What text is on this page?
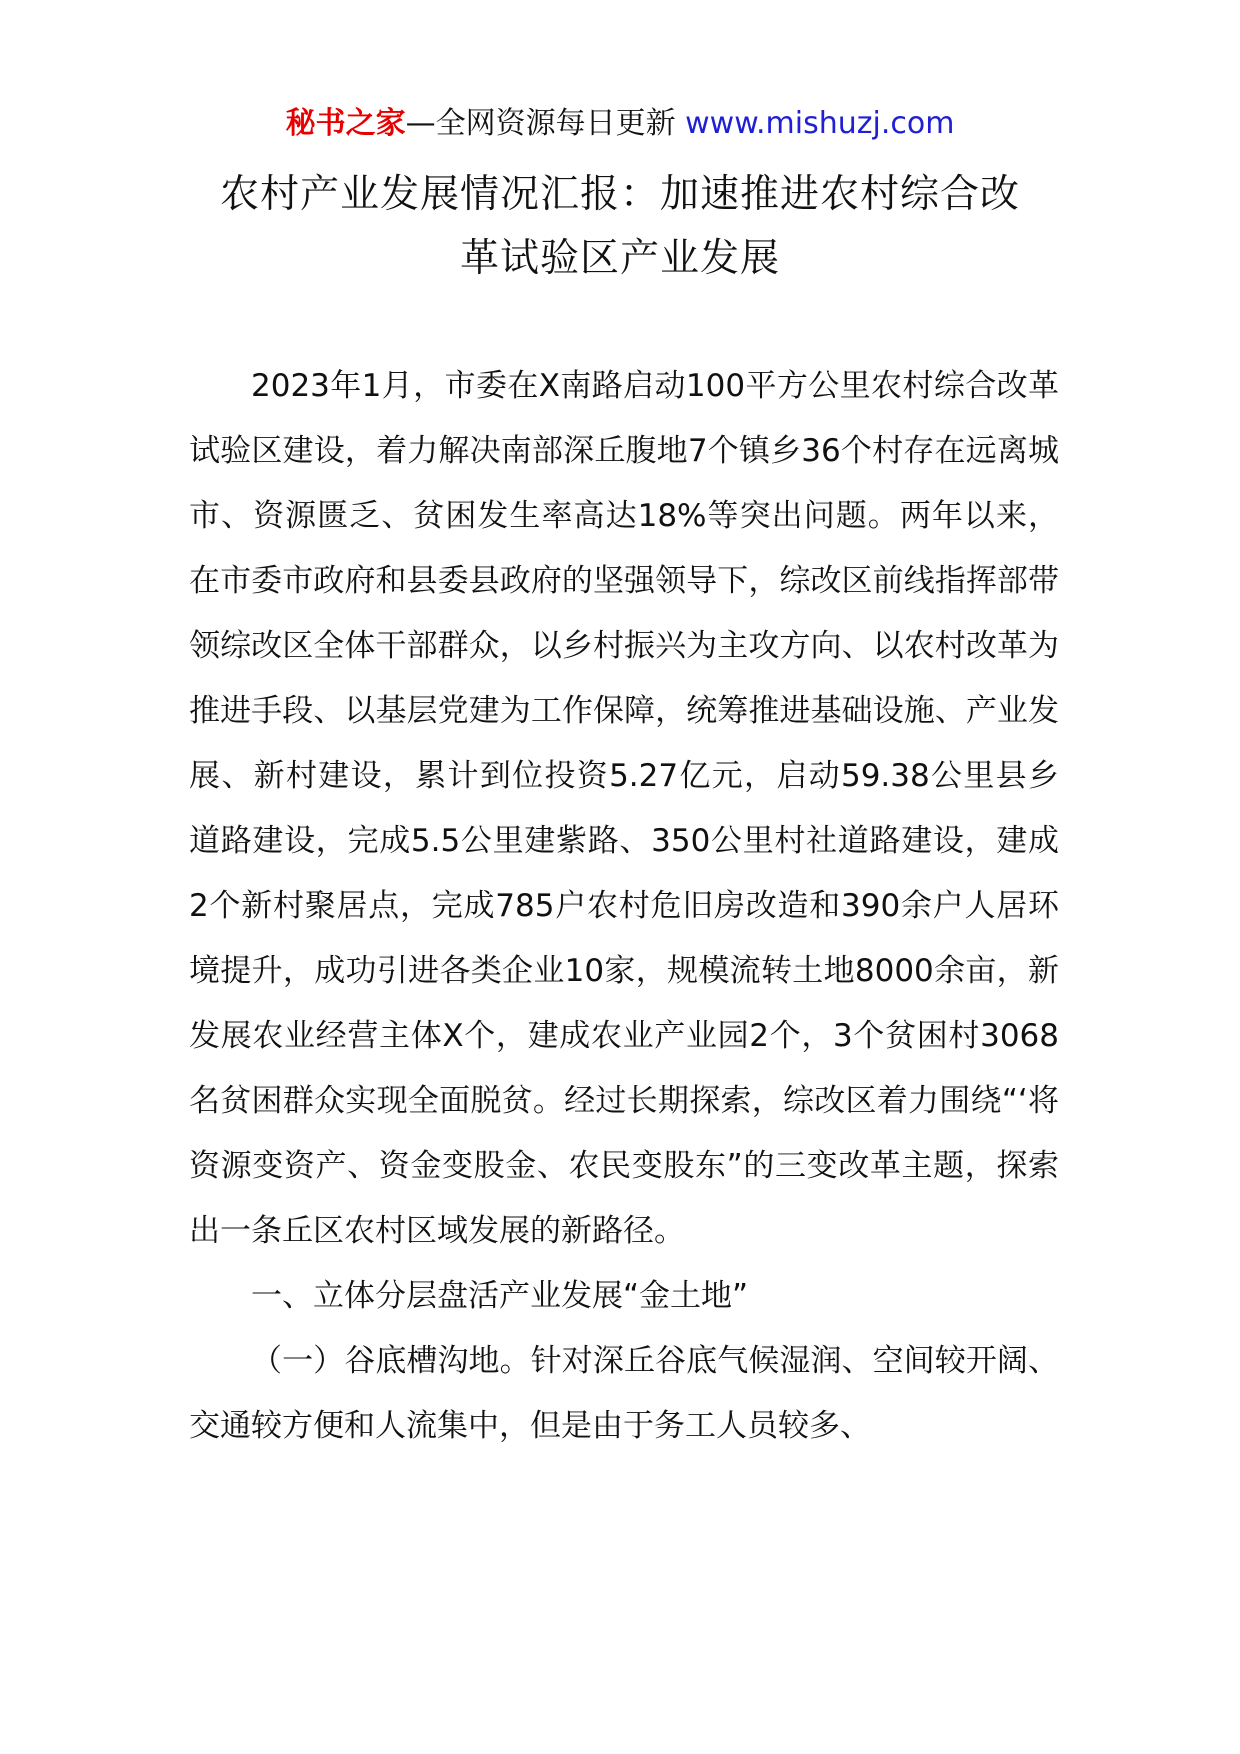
秘书之家—全网资源每日更新 www.mishuzj.com
农村产业发展情况汇报：加速推进农村综合改
革试验区产业发展

2023年1月，市委在X南路启动100平方公里农村综合改革试验区建设，着力解决南部深丘腹地7个镇乡36个村存在远离城市、资源匮乏、贫困发生率高达18%等突出问题。两年以来，在市委市政府和县委县政府的坚强领导下，综改区前线指挥部带领综改区全体干部群众，以乡村振兴为主攻方向、以农村改革为推进手段、以基层党建为工作保障，统筹推进基础设施、产业发展、新村建设，累计到位投资5.27亿元，启动59.38公里县乡道路建设，完成5.5公里建紫路、350公里村社道路建设，建成2个新村聚居点，完成785户农村危旧房改造和390余户人居环境提升，成功引进各类企业10家，规模流转土地8000余亩，新发展农业经营主体X个，建成农业产业园2个，3个贫困村3068名贫困群众实现全面脱贫。经过长期探索，综改区着力围绕“‘将资源变资产、资金变股金、农民变股东”的三变改革主题，探索出一条丘区农村区域发展的新路径。

一、立体分层盘活产业发展“金土地”

（一）谷底槽沟地。针对深丘谷底气候湿润、空间较开阔、交通较方便和人流集中，但是由于务工人员较多、
